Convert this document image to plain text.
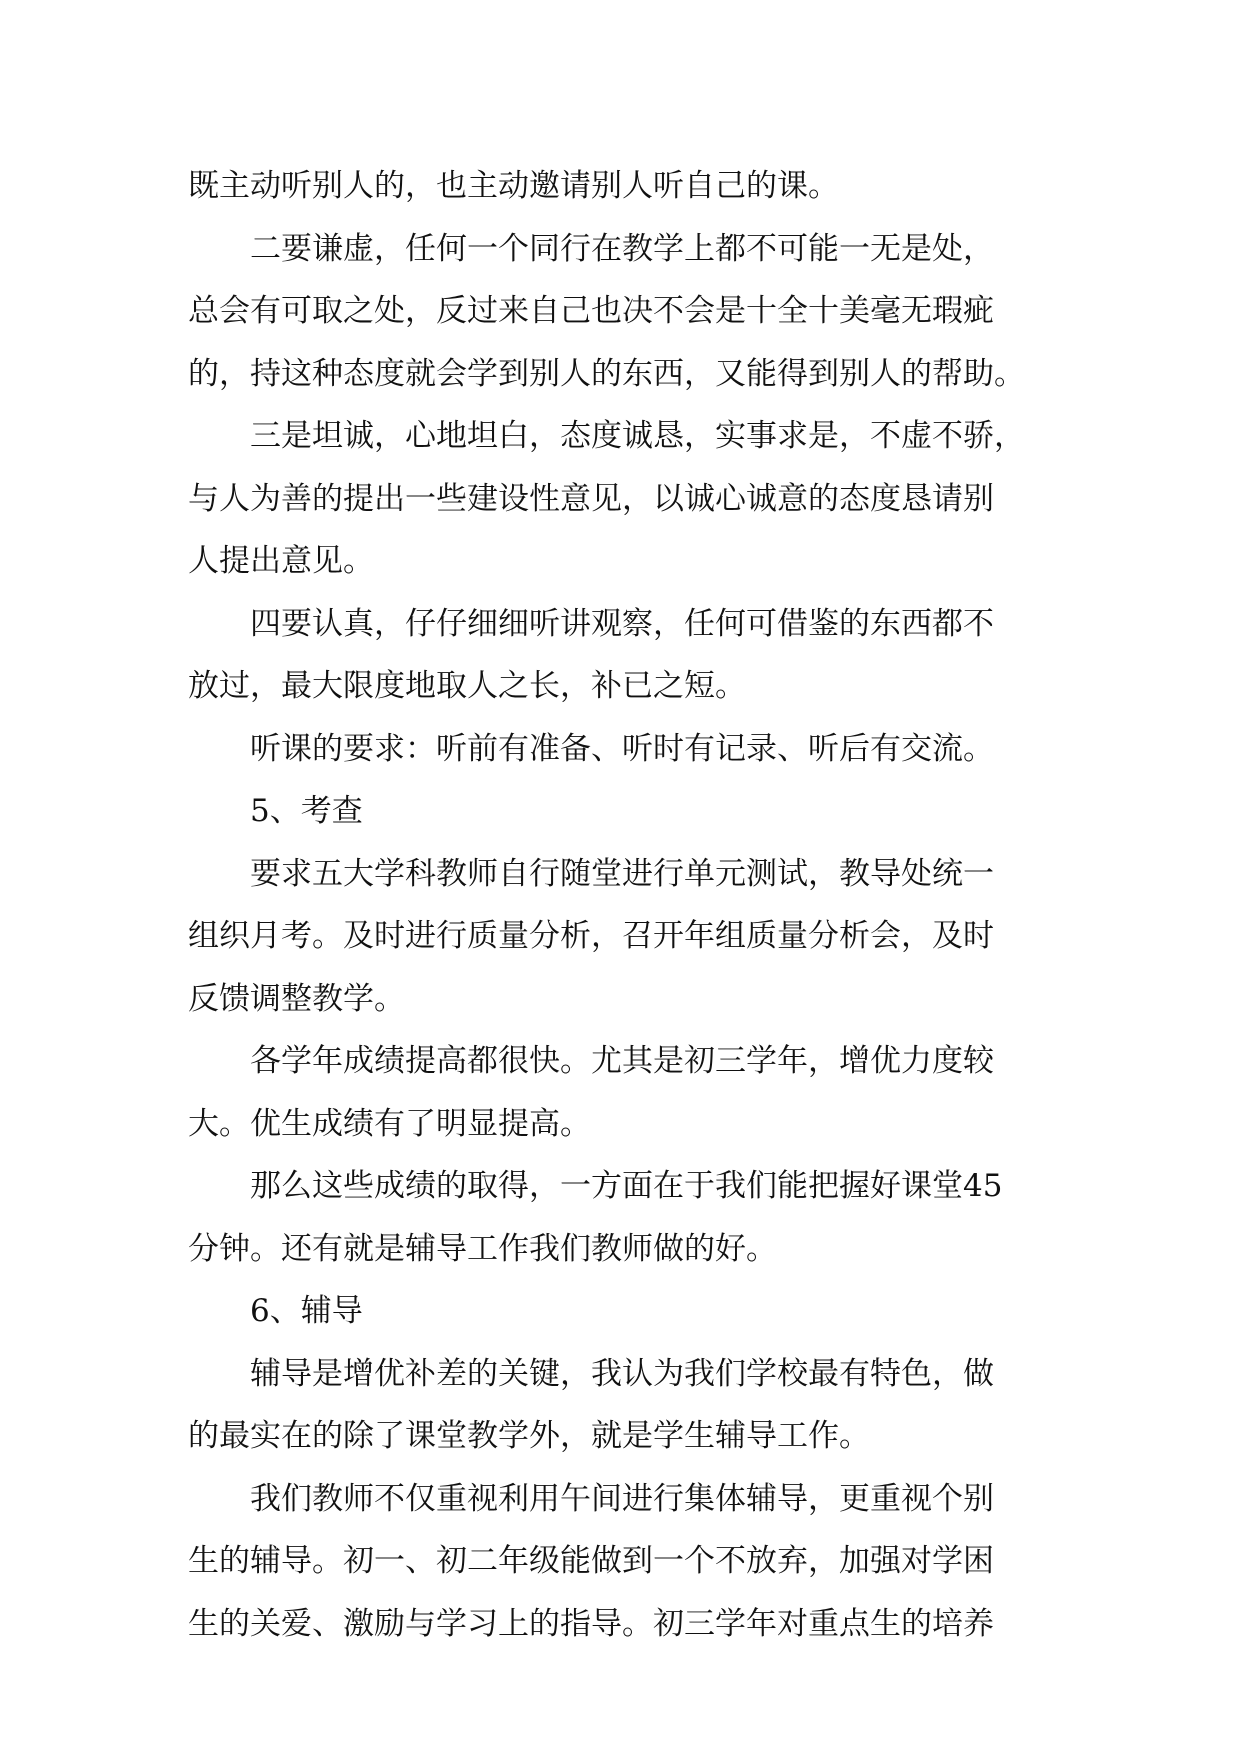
既主动听别人的，也主动邀请别人听自己的课。
二要谦虚，任何一个同行在教学上都不可能一无是处，
总会有可取之处，反过来自己也决不会是十全十美毫无瑕疵
的，持这种态度就会学到别人的东西，又能得到别人的帮助。
三是坦诚，心地坦白，态度诚恳，实事求是，不虚不骄，
与人为善的提出一些建设性意见，以诚心诚意的态度恳请别
人提出意见。
四要认真，仔仔细细听讲观察，任何可借鉴的东西都不
放过，最大限度地取人之长，补已之短。
听课的要求：听前有准备、听时有记录、听后有交流。
5、考查
要求五大学科教师自行随堂进行单元测试，教导处统一
组织月考。及时进行质量分析，召开年组质量分析会，及时
反馈调整教学。
各学年成绩提高都很快。尤其是初三学年，增优力度较
大。优生成绩有了明显提高。
那么这些成绩的取得，一方面在于我们能把握好课堂45
分钟。还有就是辅导工作我们教师做的好。
6、辅导
辅导是增优补差的关键，我认为我们学校最有特色，做
的最实在的除了课堂教学外，就是学生辅导工作。
我们教师不仅重视利用午间进行集体辅导，更重视个别
生的辅导。初一、初二年级能做到一个不放弃，加强对学困
生的关爱、激励与学习上的指导。初三学年对重点生的培养
